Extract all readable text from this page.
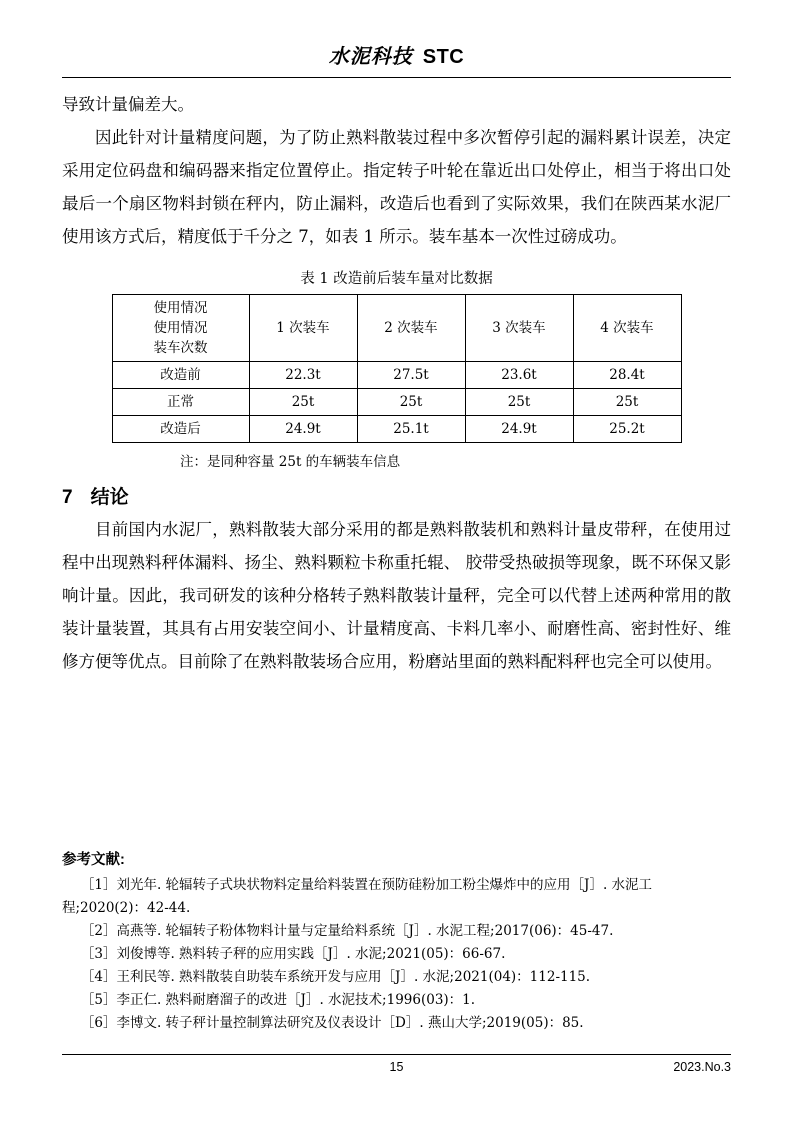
水泥科技 STC

导致计量偏差大。

因此针对计量精度问题，为了防止熟料散装过程中多次暂停引起的漏料累计误差，决定采用定位码盘和编码器来指定位置停止。指定转子叶轮在靠近出口处停止，相当于将出口处最后一个扇区物料封锁在秤内，防止漏料，改造后也看到了实际效果，我们在陕西某水泥厂使用该方式后，精度低于千分之 7，如表 1 所示。装车基本一次性过磅成功。

表 1 改造前后装车量对比数据
使用情况
使用情况
装车次数	1 次装车	2 次装车	3 次装车	4 次装车
改造前	22.3t	27.5t	23.6t	28.4t
正常	25t	25t	25t	25t
改造后	24.9t	25.1t	24.9t	25.2t
注：是同种容量 25t 的车辆装车信息
7 结论

目前国内水泥厂，熟料散装大部分采用的都是熟料散装机和熟料计量皮带秤，在使用过程中出现熟料秤体漏料、扬尘、熟料颗粒卡称重托辊、 胶带受热破损等现象，既不环保又影响计量。因此，我司研发的该种分格转子熟料散装计量秤，完全可以代替上述两种常用的散装计量装置，其具有占用安装空间小、计量精度高、卡料几率小、耐磨性高、密封性好、维修方便等优点。目前除了在熟料散装场合应用，粉磨站里面的熟料配料秤也完全可以使用。

参考文献:

［1］刘光年. 轮辐转子式块状物料定量给料装置在预防硅粉加工粉尘爆炸中的应用［J］. 水泥工程;2020(2)：42-44.

［2］高燕等. 轮辐转子粉体物料计量与定量给料系统［J］. 水泥工程;2017(06)：45-47.

［3］刘俊博等. 熟料转子秤的应用实践［J］. 水泥;2021(05)：66-67.

［4］王利民等. 熟料散装自助装车系统开发与应用［J］. 水泥;2021(04)：112-115.

［5］李正仁. 熟料耐磨溜子的改进［J］. 水泥技术;1996(03)：1.

［6］李博文. 转子秤计量控制算法研究及仪表设计［D］. 燕山大学;2019(05)：85.

15	2023.No.3
